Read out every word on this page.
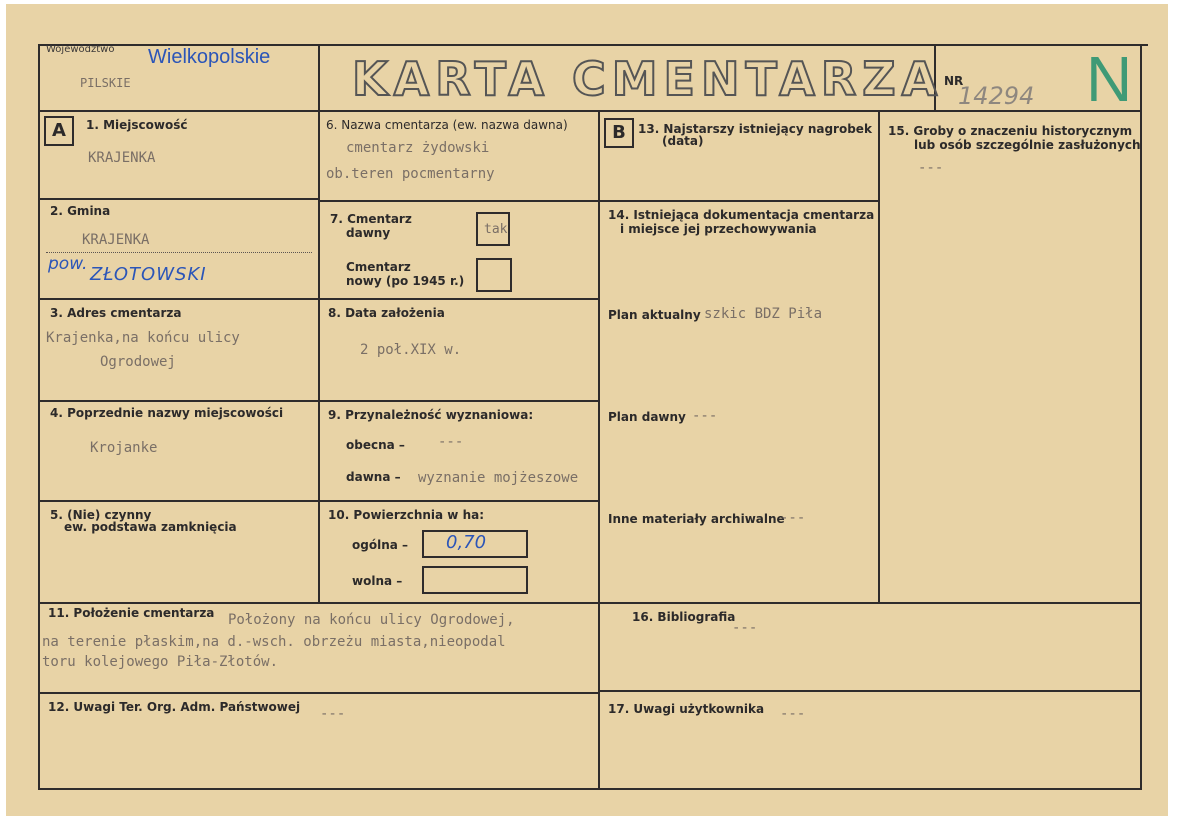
Województwo Wielkopolskie
PILSKIE	KARTA CMENTARZA NR
14294 N
A	B
1. Miejscowość
KRAJENKA
2. Gmina
KRAJENKA
pow. ZŁOTOWSKI
3. Adres cmentarza
Krajenka,na końcu ulicy
Ogrodowej
4. Poprzednie nazwy miejscowości
Krojanke
5. (Nie) czynny
ew. podstawa zamknięcia
6. Nazwa cmentarza (ew. nazwa dawna)
cmentarz żydowski
ob.teren pocmentarny
7. Cmentarz
dawny	tak
Cmentarz
nowy (po 1945 r.)
8. Data założenia
2 poł.XIX w.
9. Przynależność wyznaniowa:
obecna – ---
dawna – wyznanie mojżeszowe
10. Powierzchnia w ha:
ogólna – 0,70
wolna –
11. Położenie cmentarza Położony na końcu ulicy Ogrodowej,
na terenie płaskim,na d.-wsch. obrzeżu miasta,nieopodal
toru kolejowego Piła-Złotów.
12. Uwagi Ter. Org. Adm. Państwowej ---
13. Najstarszy istniejący nagrobek
(data)
14. Istniejąca dokumentacja cmentarza
i miejsce jej przechowywania
Plan aktualny szkic BDZ Piła
Plan dawny ---
Inne materiały archiwalne
---
15. Groby o znaczeniu historycznym
lub osób szczególnie zasłużonych
---
16. Bibliografia
---
17. Uwagi użytkownika ---
